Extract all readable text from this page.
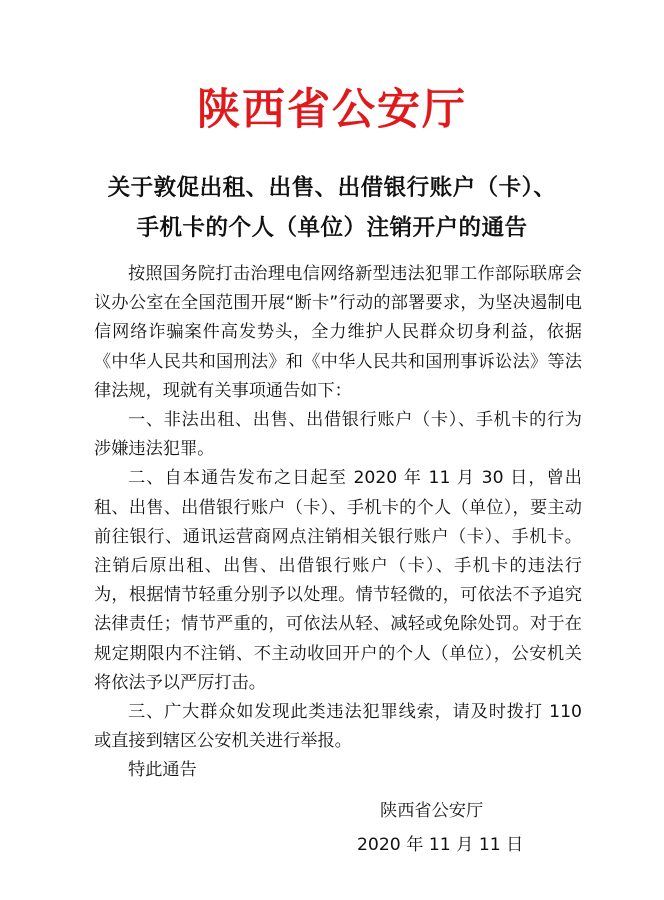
陕西省公安厅
关于敦促出租、出售、出借银行账户（卡）、
手机卡的个人（单位）注销开户的通告

按照国务院打击治理电信网络新型违法犯罪工作部际联席会议办公室在全国范围开展“断卡”行动的部署要求，为坚决遏制电信网络诈骗案件高发势头，全力维护人民群众切身利益，依据《中华人民共和国刑法》和《中华人民共和国刑事诉讼法》等法律法规，现就有关事项通告如下：

一、非法出租、出售、出借银行账户（卡）、手机卡的行为涉嫌违法犯罪。

二、自本通告发布之日起至 2020 年 11 月 30 日，曾出租、出售、出借银行账户（卡）、手机卡的个人（单位），要主动前往银行、通讯运营商网点注销相关银行账户（卡）、手机卡。注销后原出租、出售、出借银行账户（卡）、手机卡的违法行为，根据情节轻重分别予以处理。情节轻微的，可依法不予追究法律责任；情节严重的，可依法从轻、减轻或免除处罚。对于在规定期限内不注销、不主动收回开户的个人（单位），公安机关将依法予以严厉打击。

三、广大群众如发现此类违法犯罪线索，请及时拨打 110 或直接到辖区公安机关进行举报。

特此通告

陕西省公安厅
2020 年 11 月 11 日
